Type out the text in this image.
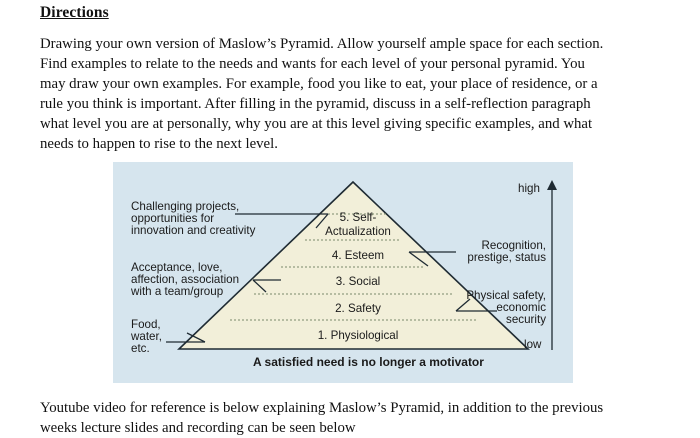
Directions
Drawing your own version of Maslow’s Pyramid. Allow yourself ample space for each section.
Find examples to relate to the needs and wants for each level of your personal pyramid. You
may draw your own examples. For example, food you like to eat, your place of residence, or a
rule you think is important. After filling in the pyramid, discuss in a self-reflection paragraph
what level you are at personally, why you are at this level giving specific examples, and what
needs to happen to rise to the next level.
Challenging projects,
opportunities for
innovation and creativity
Acceptance, love,
affection, association
with a team/group
Food,
water,
etc.
5. Self-
Actualization
4. Esteem
3. Social
2. Safety
1. Physiological
Recognition,
prestige, status
Physical safety,
economic
security
high
low
A satisfied need is no longer a motivator
Youtube video for reference is below explaining Maslow’s Pyramid, in addition to the previous
weeks lecture slides and recording can be seen below
